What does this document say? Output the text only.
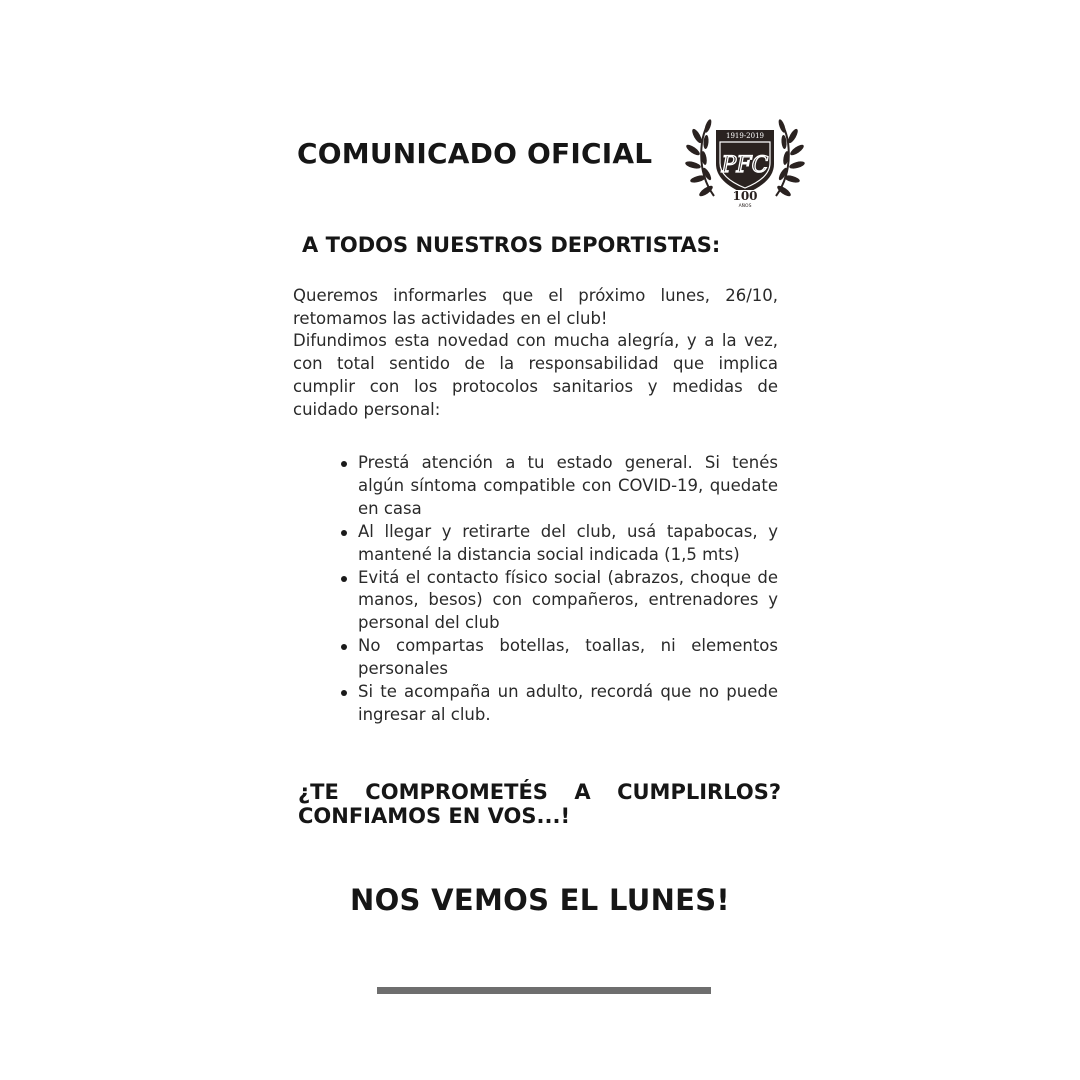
COMUNICADO OFICIAL
1919-2019
PFC
100
AÑOS
A TODOS NUESTROS DEPORTISTAS:

Queremos informarles que el próximo lunes, 26/10, retomamos las actividades en el club!

Difundimos esta novedad con mucha alegría, y a la vez, con total sentido de la responsabilidad que implica cumplir con los protocolos sanitarios y medidas de cuidado personal:

Prestá atención a tu estado general. Si tenés algún síntoma compatible con COVID-19, quedate en casa
Al llegar y retirarte del club, usá tapabocas, y mantené la distancia social indicada (1,5 mts)
Evitá el contacto físico social (abrazos, choque de manos, besos) con compañeros, entrenadores y personal del club
No compartas botellas, toallas, ni elementos personales
Si te acompaña un adulto, recordá que no puede ingresar al club.
¿TE COMPROMETÉS A CUMPLIRLOS?
CONFIAMOS EN VOS...!
NOS VEMOS EL LUNES!
